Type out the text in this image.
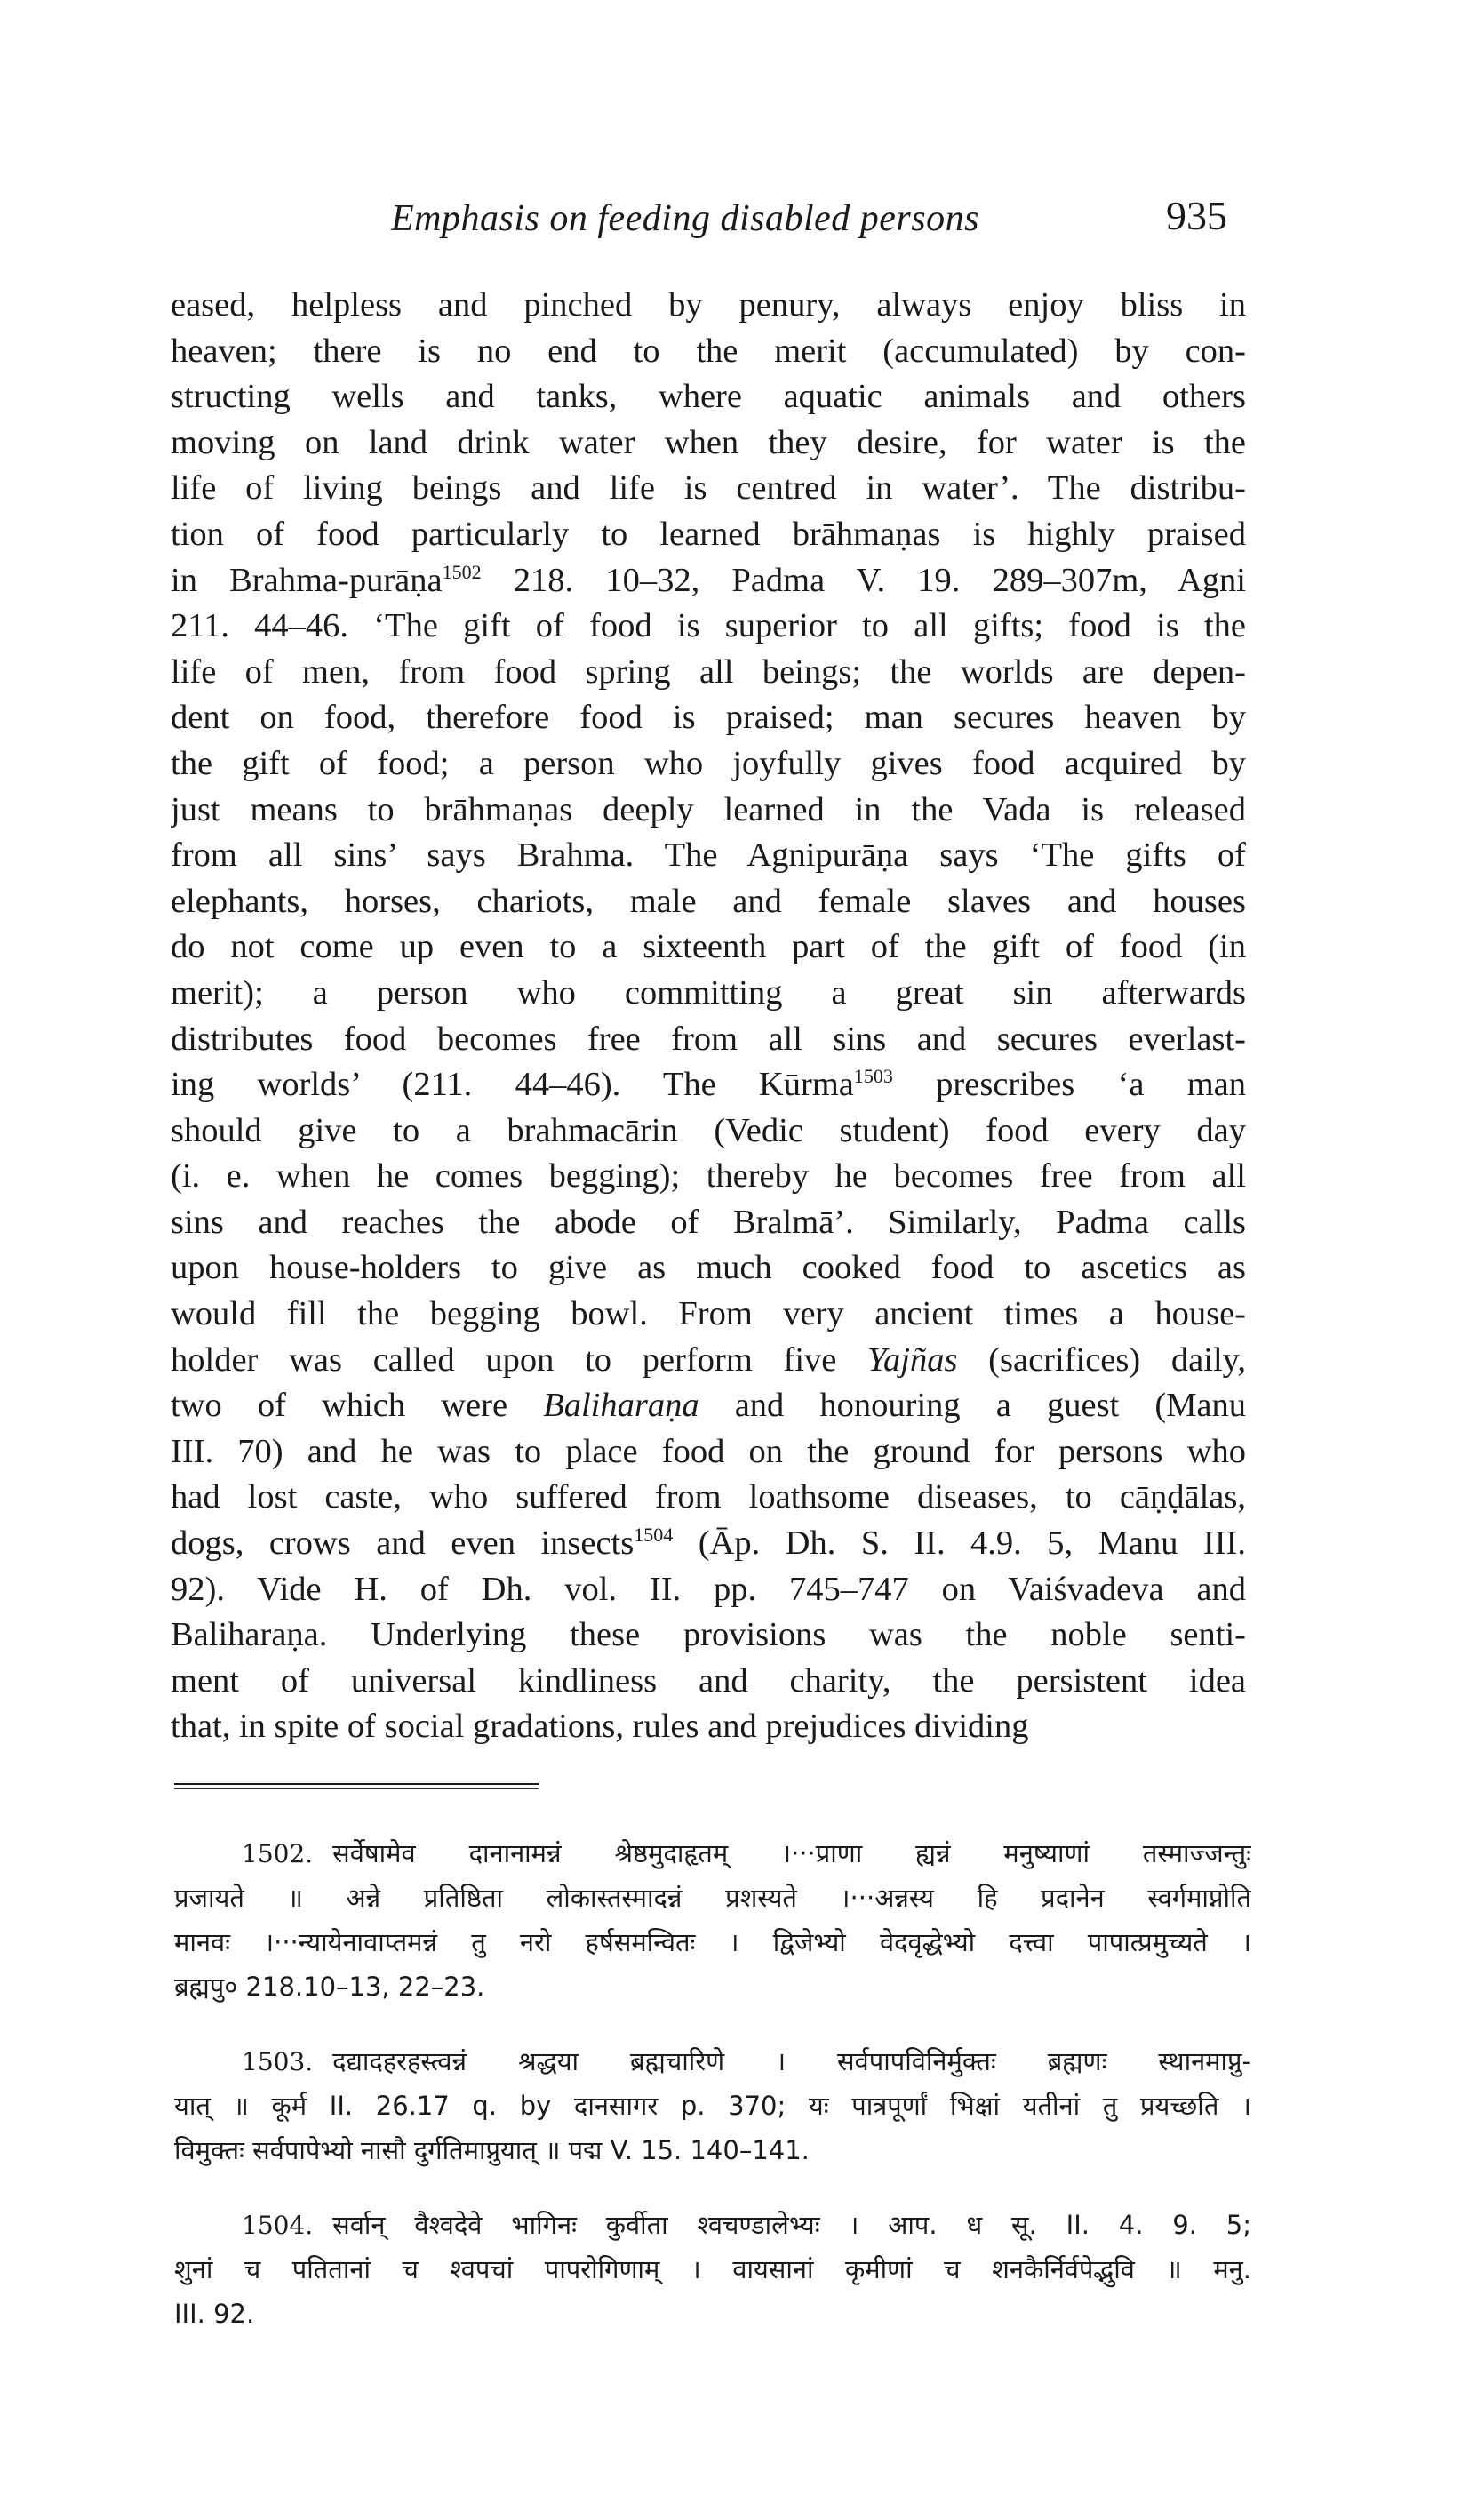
Emphasis on feeding disabled persons	935
eased, helpless and pinched by penury, always enjoy bliss in
heaven; there is no end to the merit (accumulated) by con-
structing wells and tanks, where aquatic animals and others
moving on land drink water when they desire, for water is the
life of living beings and life is centred in water’. The distribu-
tion of food particularly to learned brāhmaṇas is highly praised
in Brahma-purāṇa$^{1502}$ 218. 10–32, Padma V. 19. 289–307m, Agni
211. 44–46. ‘The gift of food is superior to all gifts; food is the
life of men, from food spring all beings; the worlds are depen-
dent on food, therefore food is praised; man secures heaven by
the gift of food; a person who joyfully gives food acquired by
just means to brāhmaṇas deeply learned in the Vada is released
from all sins’ says Brahma. The Agnipurāṇa says ‘The gifts of
elephants, horses, chariots, male and female slaves and houses
do not come up even to a sixteenth part of the gift of food (in
merit); a person who committing a great sin afterwards
distributes food becomes free from all sins and secures everlast-
ing worlds’ (211. 44–46). The Kūrma$^{1503}$ prescribes ‘a man
should give to a brahmacārin (Vedic student) food every day
(i. e. when he comes begging); thereby he becomes free from all
sins and reaches the abode of Bralmā’. Similarly, Padma calls
upon house-holders to give as much cooked food to ascetics as
would fill the begging bowl. From very ancient times a house-
holder was called upon to perform five Yajñas (sacrifices) daily,
two of which were Baliharaṇa and honouring a guest (Manu
III. 70) and he was to place food on the ground for persons who
had lost caste, who suffered from loathsome diseases, to cāṇḍālas,
dogs, crows and even insects$^{1504}$ (Āp. Dh. S. II. 4.9. 5, Manu III.
92). Vide H. of Dh. vol. II. pp. 745–747 on Vaiśvadeva and
Baliharaṇa. Underlying these provisions was the noble senti-
ment of universal kindliness and charity, the persistent idea
that, in spite of social gradations, rules and prejudices dividing
1502. सर्वेषामेव दानानामन्नं श्रेष्ठमुदाहृतम् ।···प्राणा ह्यन्नं मनुष्याणां तस्माज्जन्तुः
प्रजायते ॥ अन्ने प्रतिष्ठिता लोकास्तस्मादन्नं प्रशस्यते ।···अन्नस्य हि प्रदानेन स्वर्गमाप्नोति
मानवः ।···न्यायेनावाप्तमन्नं तु नरो हर्षसमन्वितः । द्विजेभ्यो वेदवृद्धेभ्यो दत्त्वा पापात्प्रमुच्यते ।
ब्रह्मपु० 218.10–13, 22–23.
1503. दद्यादहरहस्त्वन्नं श्रद्धया ब्रह्मचारिणे । सर्वपापविनिर्मुक्तः ब्रह्मणः स्थानमाप्नु-
यात् ॥ कूर्म II. 26.17 q. by दानसागर p. 370; यः पात्रपूर्णां भिक्षां यतीनां तु प्रयच्छति ।
विमुक्तः सर्वपापेभ्यो नासौ दुर्गतिमाप्नुयात् ॥ पद्म V. 15. 140–141.
1504. सर्वान् वैश्वदेवे भागिनः कुर्वीता श्वचण्डालेभ्यः । आप. ध सू. II. 4. 9. 5;
शुनां च पतितानां च श्वपचां पापरोगिणाम् । वायसानां कृमीणां च शनकैर्निर्वपेद्भुवि ॥ मनु.
III. 92.
